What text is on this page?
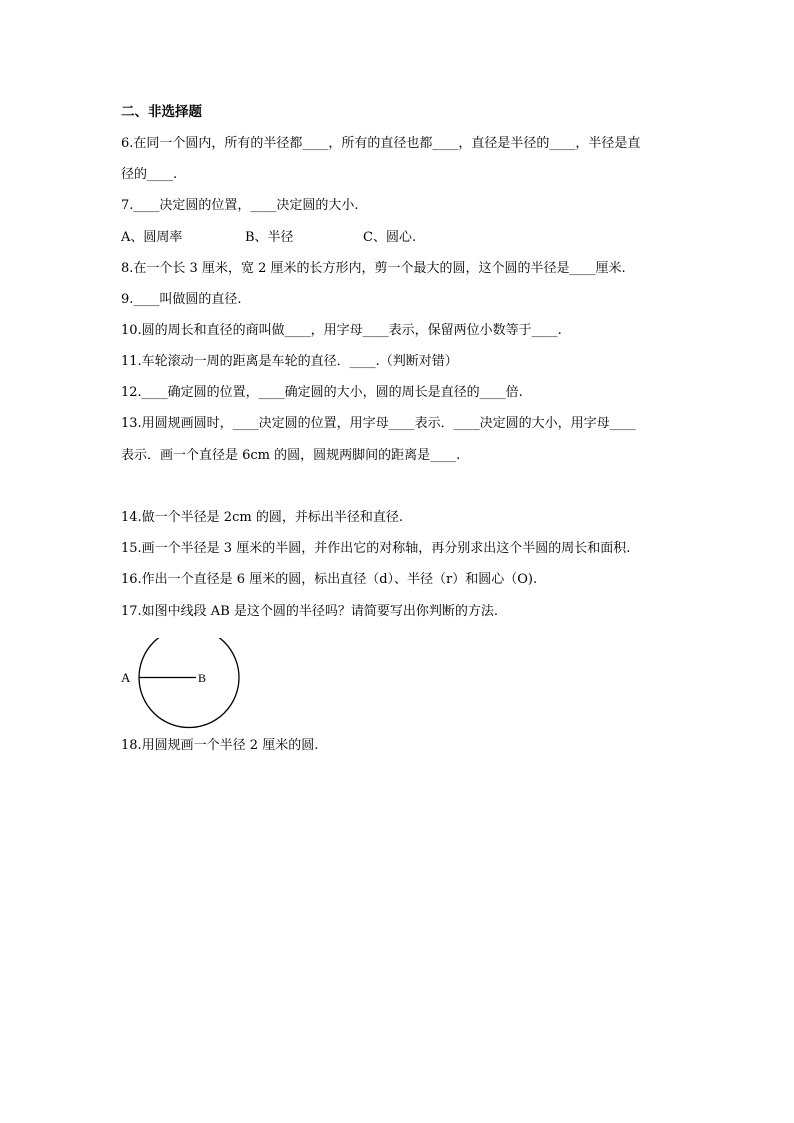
二、非选择题
6.在同一个圆内，所有的半径都____，所有的直径也都____，直径是半径的____，半径是直
径的____.
7.____决定圆的位置，____决定圆的大小.
A、圆周率	B、半径	C、圆心.
8.在一个长 3 厘米，宽 2 厘米的长方形内，剪一个最大的圆，这个圆的半径是____厘米.
9.____叫做圆的直径.
10.圆的周长和直径的商叫做____，用字母____表示，保留两位小数等于____.
11.车轮滚动一周的距离是车轮的直径．____.（判断对错）
12.____确定圆的位置，____确定圆的大小，圆的周长是直径的____倍.
13.用圆规画圆时，____决定圆的位置，用字母____表示．____决定圆的大小，用字母____
表示．画一个直径是 6cm 的圆，圆规两脚间的距离是____.
14.做一个半径是 2cm 的圆，并标出半径和直径.
15.画一个半径是 3 厘米的半圆，并作出它的对称轴，再分别求出这个半圆的周长和面积.
16.作出一个直径是 6 厘米的圆，标出直径（d）、半径（r）和圆心（O).
17.如图中线段 AB 是这个圆的半径吗？请简要写出你判断的方法.
A	B
18.用圆规画一个半径 2 厘米的圆.
